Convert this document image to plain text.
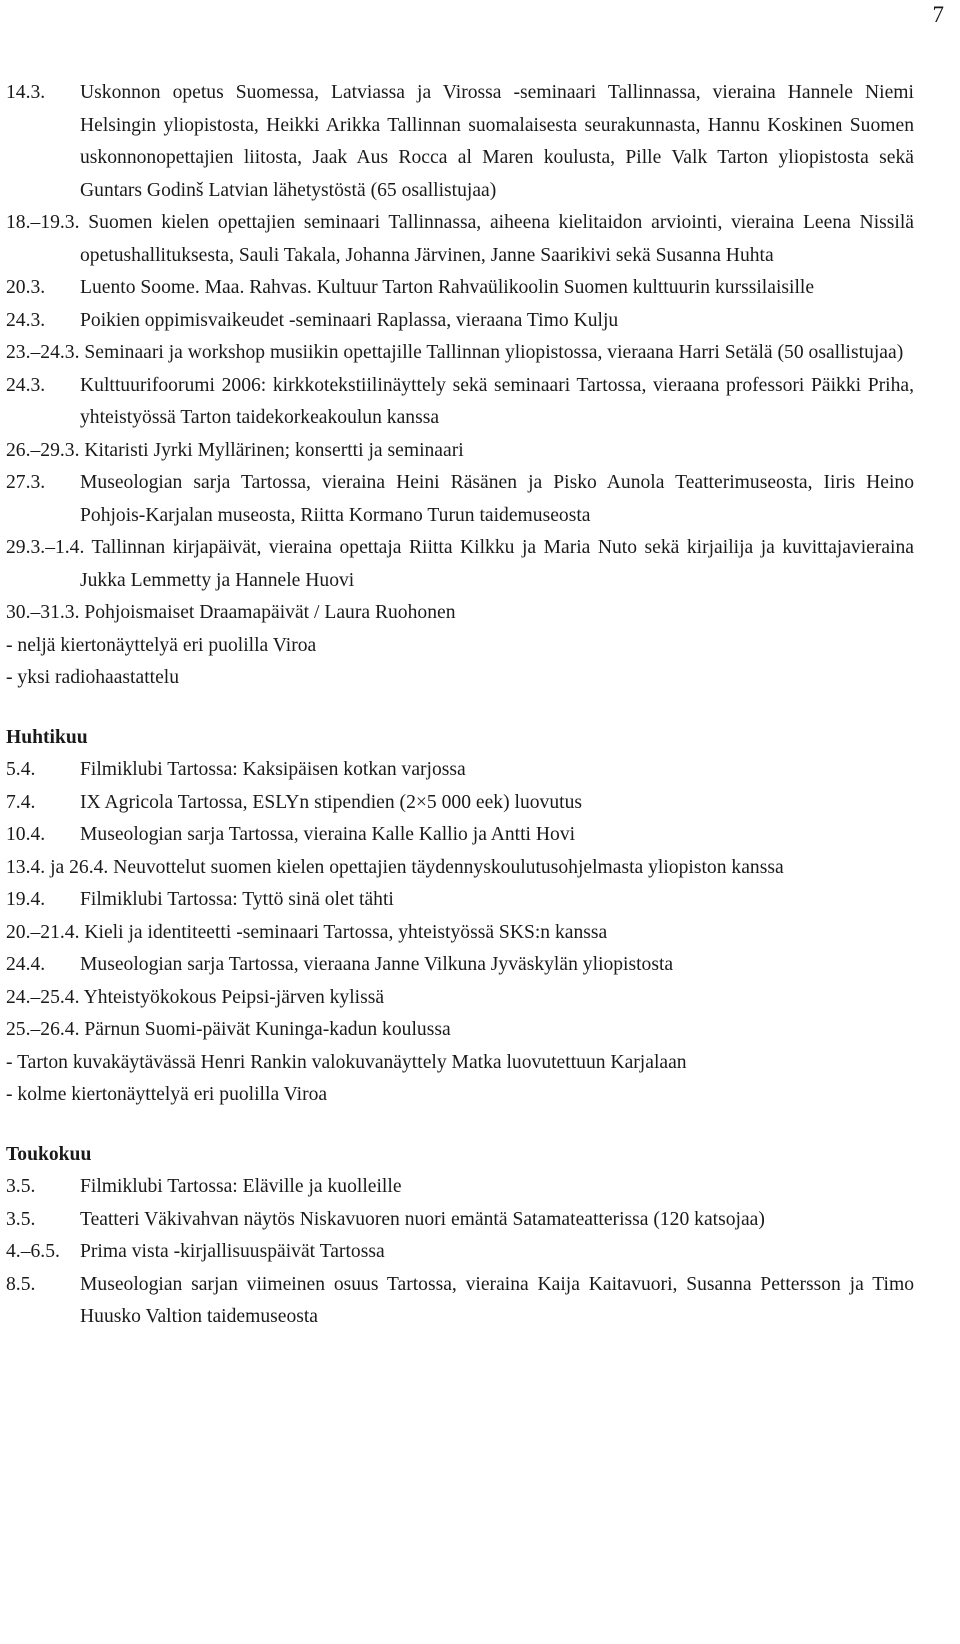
7
14.3. Uskonnon opetus Suomessa, Latviassa ja Virossa -seminaari Tallinnassa, vieraina Hannele Niemi Helsingin yliopistosta, Heikki Arikka Tallinnan suomalaisesta seurakunnasta, Hannu Koskinen Suomen uskonnonopettajien liitosta, Jaak Aus Rocca al Maren koulusta, Pille Valk Tarton yliopistosta sekä Guntars Godinš Latvian lähetystöstä (65 osallistujaa)
18.–19.3. Suomen kielen opettajien seminaari Tallinnassa, aiheena kielitaidon arviointi, vieraina Leena Nissilä opetushallituksesta, Sauli Takala, Johanna Järvinen, Janne Saarikivi sekä Susanna Huhta
20.3. Luento Soome. Maa. Rahvas. Kultuur Tarton Rahvaülikoolin Suomen kulttuurin kurssilaisille
24.3. Poikien oppimisvaikeudet -seminaari Raplassa, vieraana Timo Kulju
23.–24.3. Seminaari ja workshop musiikin opettajille Tallinnan yliopistossa, vieraana Harri Setälä (50 osallistujaa)
24.3. Kulttuurifoorumi 2006: kirkkotekstiilinäyttely sekä seminaari Tartossa, vieraana professori Päikki Priha, yhteistyössä Tarton taidekorkeakoulun kanssa
26.–29.3. Kitaristi Jyrki Myllärinen; konsertti ja seminaari
27.3. Museologian sarja Tartossa, vieraina Heini Räsänen ja Pisko Aunola Teatterimuseosta, Iiris Heino Pohjois-Karjalan museosta, Riitta Kormano Turun taidemuseosta
29.3.–1.4. Tallinnan kirjapäivät, vieraina opettaja Riitta Kilkku ja Maria Nuto sekä kirjailija ja kuvittajavieraina Jukka Lemmetty ja Hannele Huovi
30.–31.3. Pohjoismaiset Draamapäivät / Laura Ruohonen
- neljä kiertonäyttelyä eri puolilla Viroa
- yksi radiohaastattelu
Huhtikuu
5.4. Filmiklubi Tartossa: Kaksipäisen kotkan varjossa
7.4. IX Agricola Tartossa, ESLYn stipendien (2×5 000 eek) luovutus
10.4. Museologian sarja Tartossa, vieraina Kalle Kallio ja Antti Hovi
13.4. ja 26.4. Neuvottelut suomen kielen opettajien täydennyskoulutusohjelmasta yliopiston kanssa
19.4. Filmiklubi Tartossa: Tyttö sinä olet tähti
20.–21.4. Kieli ja identiteetti -seminaari Tartossa, yhteistyössä SKS:n kanssa
24.4. Museologian sarja Tartossa, vieraana Janne Vilkuna Jyväskylän yliopistosta
24.–25.4. Yhteistyökokous Peipsi-järven kylissä
25.–26.4. Pärnun Suomi-päivät Kuninga-kadun koulussa
- Tarton kuvakäytävässä Henri Rankin valokuvanäyttely Matka luovutettuun Karjalaan
- kolme kiertonäyttelyä eri puolilla Viroa
Toukokuu
3.5. Filmiklubi Tartossa: Eläville ja kuolleille
3.5. Teatteri Väkivahvan näytös Niskavuoren nuori emäntä Satamateatterissa (120 katsojaa)
4.–6.5. Prima vista -kirjallisuuspäivät Tartossa
8.5. Museologian sarjan viimeinen osuus Tartossa, vieraina Kaija Kaitavuori, Susanna Pettersson ja Timo Huusko Valtion taidemuseosta
